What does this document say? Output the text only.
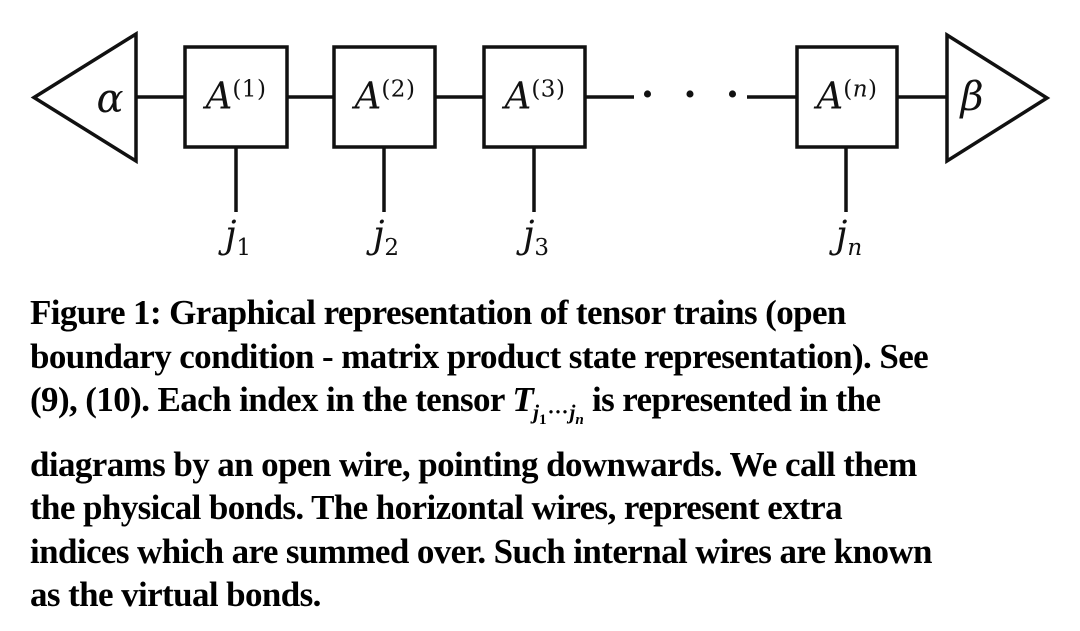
α	β
$A^{(1)}$ $A^{(2)}$ $A^{(3)}$	$A^{(n)}$
· · ·
$j_1$	$j_2$	$j_3$	$j_n$
Figure 1: Graphical representation of tensor trains (open
boundary condition - matrix product state representation). See
(9), (10). Each index in the tensor $T_{j_1\cdot\cdot\cdot j_n}$ is represented in the
diagrams by an open wire, pointing downwards. We call them
the physical bonds. The horizontal wires, represent extra
indices which are summed over. Such internal wires are known
as the virtual bonds.
